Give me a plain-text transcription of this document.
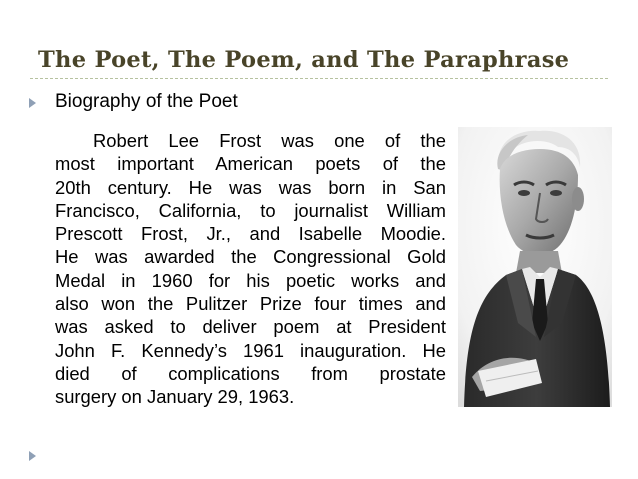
The Poet, The Poem, and The Paraphrase
Biography of the Poet
Robert Lee Frost was one of the
most important American poets of the
20th century. He was was born in San
Francisco, California, to journalist William
Prescott Frost, Jr., and Isabelle Moodie.
He was awarded the Congressional Gold
Medal in 1960 for his poetic works and
also won the Pulitzer Prize four times and
was asked to deliver poem at President
John F. Kennedy’s 1961 inauguration. He
died of complications from prostate
surgery on January 29, 1963.
